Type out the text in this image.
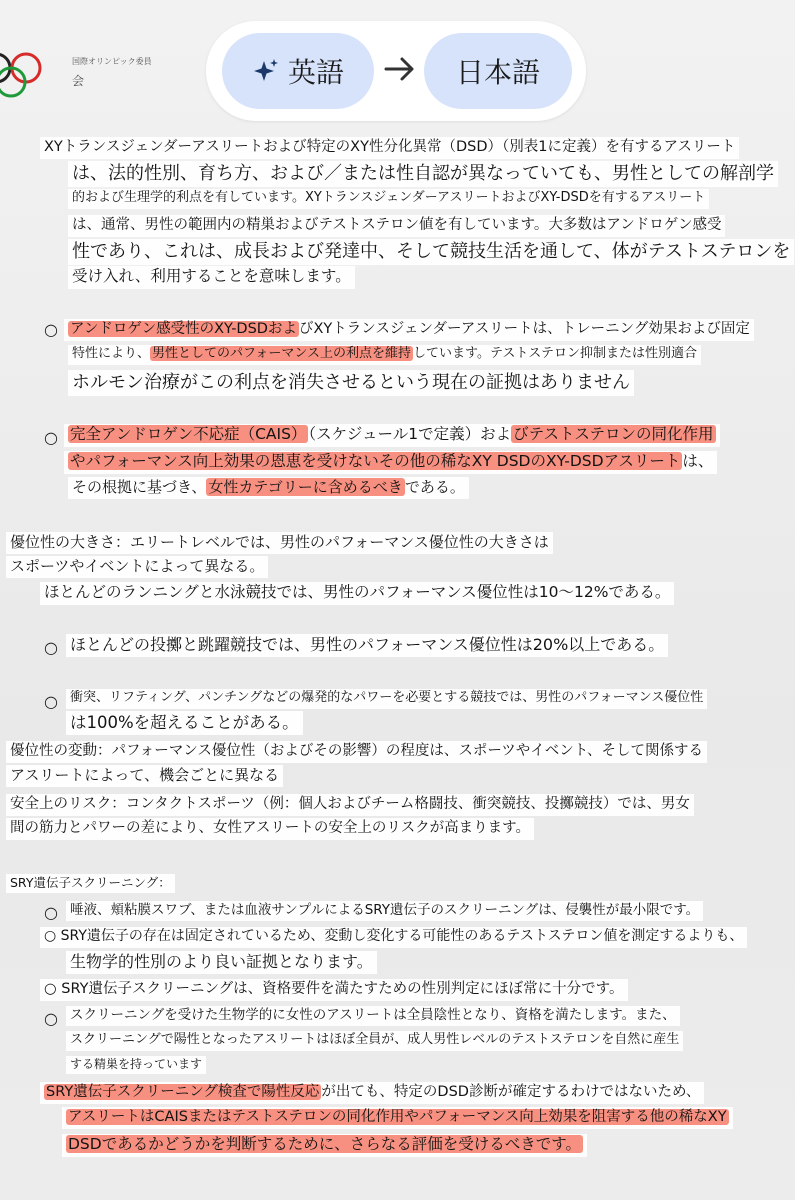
国際オリンピック委員
会	英語	日本語
XYトランスジェンダーアスリートおよび特定のXY性分化異常（DSD）（別表1に定義）を有するアスリート
は、法的性別、育ち方、および／または性自認が異なっていても、男性としての解剖学
的および生理学的利点を有しています。XYトランスジェンダーアスリートおよびXY-DSDを有するアスリート
は、通常、男性の範囲内の精巣およびテストステロン値を有しています。大多数はアンドロゲン感受
性であり、これは、成長および発達中、そして競技生活を通して、体がテストステロンを
受け入れ、利用することを意味します。
○ アンドロゲン感受性のXY-DSDおよ びXYトランスジェンダーアスリートは、トレーニング効果および固定
特性により、 男性としてのパフォーマンス上の利点を維持 しています。テストステロン抑制または性別適合
ホルモン治療がこの利点を消失させるという現在の証拠はありません
○ 完全アンドロゲン不応症（CAIS） （スケジュール1で定義）およ びテストステロンの同化作用
やパフォーマンス向上効果の恩恵を受けないその他の稀なXY DSDのXY-DSDアスリート は、
その根拠に基づき、 女性カテゴリーに含めるべき である。
優位性の大きさ：エリートレベルでは、男性のパフォーマンス優位性の大きさは
スポーツやイベントによって異なる。
ほとんどのランニングと水泳競技では、男性のパフォーマンス優位性は10〜12%である。
○ ほとんどの投擲と跳躍競技では、男性のパフォーマンス優位性は20%以上である。
○ 衝突、リフティング、パンチングなどの爆発的なパワーを必要とする競技では、男性のパフォーマンス優位性
は100%を超えることがある。
優位性の変動：パフォーマンス優位性（およびその影響）の程度は、スポーツやイベント、そして関係する
アスリートによって、機会ごとに異なる
安全上のリスク：コンタクトスポーツ（例：個人およびチーム格闘技、衝突競技、投擲競技）では、男女
間の筋力とパワーの差により、女性アスリートの安全上のリスクが高まります。
SRY遺伝子スクリーニング：
○ 唾液、頬粘膜スワブ、または血液サンプルによるSRY遺伝子のスクリーニングは、侵襲性が最小限です。
○ SRY遺伝子の存在は固定されているため、変動し変化する可能性のあるテストステロン値を測定するよりも、
生物学的性別のより良い証拠となります。
○ SRY遺伝子スクリーニングは、資格要件を満たすための性別判定にほぼ常に十分です。
○ スクリーニングを受けた生物学的に女性のアスリートは全員陰性となり、資格を満たします。また、
スクリーニングで陽性となったアスリートはほぼ全員が、成人男性レベルのテストステロンを自然に産生
する精巣を持っています
SRY遺伝子スクリーニング検査で陽性反応 が出ても、特定のDSD診断が確定するわけではないため、
アスリートはCAISまたはテストステロンの同化作用やパフォーマンス向上効果を阻害する他の稀なXY
DSDであるかどうかを判断するために、さらなる評価を受けるべきです。
